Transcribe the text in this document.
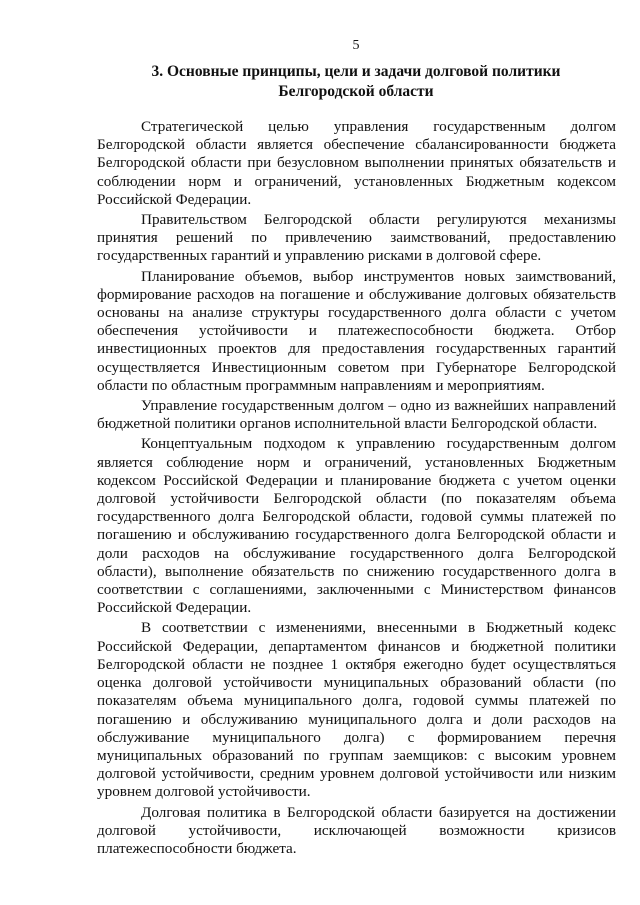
5
3. Основные принципы, цели и задачи долговой политики
Белгородской области

Стратегической целью управления государственным долгом Белгородской области является обеспечение сбалансированности бюджета Белгородской области при безусловном выполнении принятых обязательств и соблюдении норм и ограничений, установленных Бюджетным кодексом Российской Федерации.

Правительством Белгородской области регулируются механизмы принятия решений по привлечению заимствований, предоставлению государственных гарантий и управлению рисками в долговой сфере.

Планирование объемов, выбор инструментов новых заимствований, формирование расходов на погашение и обслуживание долговых обязательств основаны на анализе структуры государственного долга области с учетом обеспечения устойчивости и платежеспособности бюджета. Отбор инвестиционных проектов для предоставления государственных гарантий осуществляется Инвестиционным советом при Губернаторе Белгородской области по областным программным направлениям и мероприятиям.

Управление государственным долгом – одно из важнейших направлений бюджетной политики органов исполнительной власти Белгородской области.

Концептуальным подходом к управлению государственным долгом является соблюдение норм и ограничений, установленных Бюджетным кодексом Российской Федерации и планирование бюджета с учетом оценки долговой устойчивости Белгородской области (по показателям объема государственного долга Белгородской области, годовой суммы платежей по погашению и обслуживанию государственного долга Белгородской области и доли расходов на обслуживание государственного долга Белгородской области), выполнение обязательств по снижению государственного долга в соответствии с соглашениями, заключенными с Министерством финансов Российской Федерации.

В соответствии с изменениями, внесенными в Бюджетный кодекс Российской Федерации, департаментом финансов и бюджетной политики Белгородской области не позднее 1 октября ежегодно будет осуществляться оценка долговой устойчивости муниципальных образований области (по показателям объема муниципального долга, годовой суммы платежей по погашению и обслуживанию муниципального долга и доли расходов на обслуживание муниципального долга) с формированием перечня муниципальных образований по группам заемщиков: с высоким уровнем долговой устойчивости, средним уровнем долговой устойчивости или низким уровнем долговой устойчивости.

Долговая политика в Белгородской области базируется на достижении долговой устойчивости, исключающей возможности кризисов платежеспособности бюджета.
